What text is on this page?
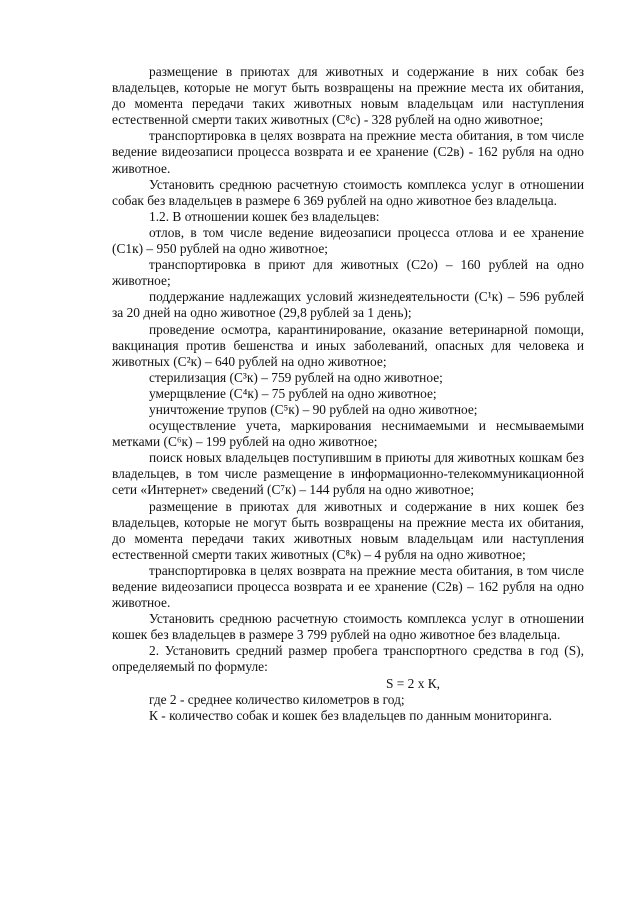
размещение в приютах для животных и содержание в них собак без владельцев, которые не могут быть возвращены на прежние места их обитания, до момента передачи таких животных новым владельцам или наступления естественной смерти таких животных (C⁸c) - 328 рублей на одно животное;

транспортировка в целях возврата на прежние места обитания, в том числе ведение видеозаписи процесса возврата и ее хранение (С2в) - 162 рубля на одно животное.

Установить среднюю расчетную стоимость комплекса услуг в отношении собак без владельцев в размере 6 369 рублей на одно животное без владельца.

1.2. В отношении кошек без владельцев:

отлов, в том числе ведение видеозаписи процесса отлова и ее хранение (С1к) – 950 рублей на одно животное;

транспортировка в приют для животных (С2о) – 160 рублей на одно животное;

поддержание надлежащих условий жизнедеятельности (С¹к) – 596 рублей за 20 дней на одно животное (29,8 рублей за 1 день);

проведение осмотра, карантинирование, оказание ветеринарной помощи, вакцинация против бешенства и иных заболеваний, опасных для человека и животных (С²к) – 640 рублей на одно животное;

стерилизация (С³к) – 759 рублей на одно животное;

умерщвление (С⁴к) – 75 рублей на одно животное;

уничтожение трупов (С⁵к) – 90 рублей на одно животное;

осуществление учета, маркирования неснимаемыми и несмываемыми метками (С⁶к) – 199 рублей на одно животное;

поиск новых владельцев поступившим в приюты для животных кошкам без владельцев, в том числе размещение в информационно-телекоммуникационной сети «Интернет» сведений (С⁷к) – 144 рубля на одно животное;

размещение в приютах для животных и содержание в них кошек без владельцев, которые не могут быть возвращены на прежние места их обитания, до момента передачи таких животных новым владельцам или наступления естественной смерти таких животных (С⁸к) – 4 рубля на одно животное;

транспортировка в целях возврата на прежние места обитания, в том числе ведение видеозаписи процесса возврата и ее хранение (С2в) – 162 рубля на одно животное.

Установить среднюю расчетную стоимость комплекса услуг в отношении кошек без владельцев в размере 3 799 рублей на одно животное без владельца.

2. Установить средний размер пробега транспортного средства в год (S), определяемый по формуле:

S = 2 х К,

где 2 - среднее количество километров в год;

К - количество собак и кошек без владельцев по данным мониторинга.
